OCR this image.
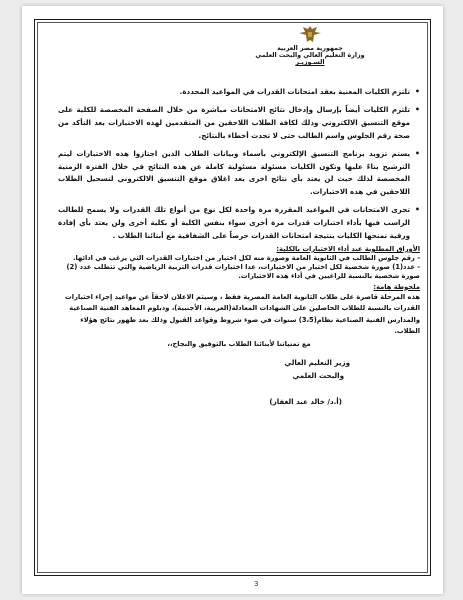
جمهورية مصر العربية
وزارة التعليم العالي والبحث العلمي
السـوزيـر

•
تلتزم الكليات المعنية بعقد امتحانات القدرات في المواعيد المحددة.

•
تلتزم الكليات أيضاً بإرسال وإدخال نتائج الامتحانات مباشرة من خلال الصفحة المخصصة للكلية على موقع التنسيق الالكتروني وذلك لكافة الطلاب اللاحقين من المتقدمين لهذه الاختبارات بعد التأكد من صحة رقم الجلوس واسم الطالب حتى لا تحدث أخطاء بالنتائج.

•
يستم تزويد برنامج التنسيق الإلكتروني بأسماء وبيانات الطلاب الذين اجتازوا هذه الاختبارات ليتم الترشيح بناءً عليها وتكون الكليات مسئولة مسئولية كاملة عن هذه النتائج في خلال الفترة الزمنية المخصصة لذلك حيث لن يعتد بأي نتائج اخرى بعد اغلاق موقع التنسيق الالكتروني لتسجيل الطلاب اللاحقين في هذه الاختبارات.

•
تجرى الامتحانات في المواعيد المقررة مرة واحدة لكل نوع من أنواع تلك القدرات ولا يسمح للطالب الراسب فيها بأداء اختبارات قدرات مرة أخرى سواء بنفس الكلية أو بكلية أخرى ولن يعتد بأي إفادة ورقية تمنحها الكليات بنتيجة امتحانات القدرات حرصاً على الشفافية مع أبنائنا الطلاب .

الأوراق المطلوبة عند أداء الاختبارات بالكلية:
- رقم جلوس الطالب في الثانوية العامة وصورة منه لكل اختبار من اختبارات القدرات التي يرغب في ادائها.
- عدد(1) صورة شخصية لكل اختبار من الاختبارات، عدا اختبارات قدرات التربية الرياضية والتي تتطلب عدد (2) صورة شخصية بالنسبة للراغبين في أداء هذه الاختبارات.
ملحوظة هامة:
هذه المرحلة قاصرة على طلاب الثانوية العامة المصرية فقط ، وسيتم الاعلان لاحقاً عن مواعيد إجراء اختبارات القدرات بالنسبة للطلاب الحاصلين على الشهادات المعادلة(العربية، الأجنبية)، ودبلوم المعاهد الفنية الصناعية والمدارس الفنية الصناعية نظام(3،5) سنوات في ضوء شروط وقواعد القبول وذلك بعد ظهور نتائج هؤلاء الطلاب.
مع تمنياتنا لأبنائنا الطلاب بالتوفيق والنجاح،،
وزير التعليم العالي
والبحث العلمي
(أ.د/ خالد عبد الغفار)
3
